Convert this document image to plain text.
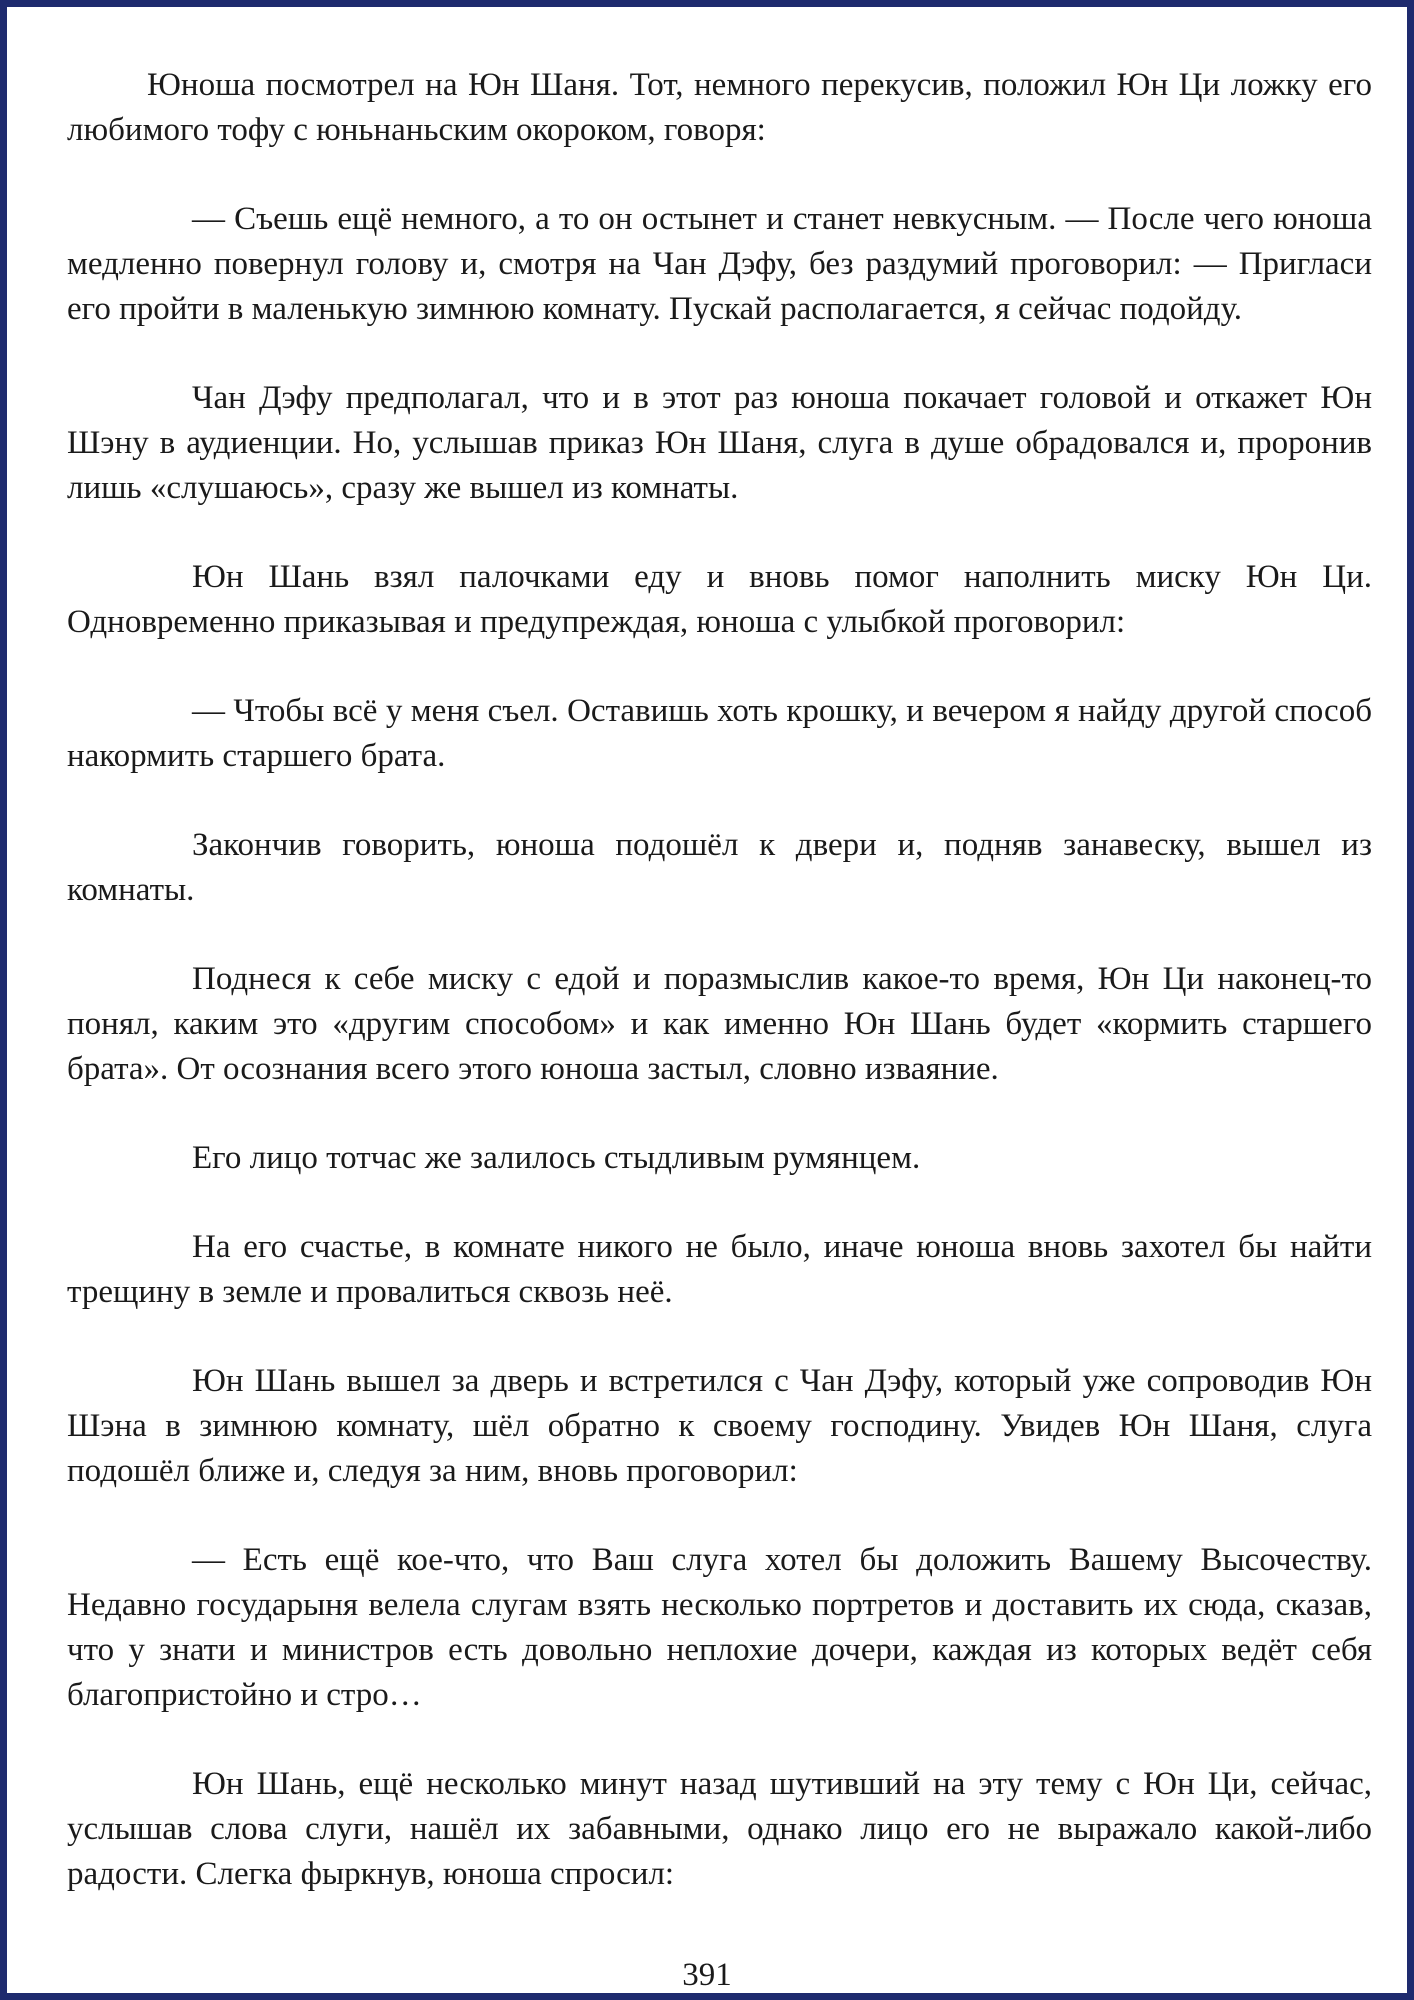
Юноша посмотрел на Юн Шаня. Тот, немного перекусив, положил Юн Ци ложку его любимого тофу с юньнаньским окороком, говоря:

— Съешь ещё немного, а то он остынет и станет невкусным. — После чего юноша медленно повернул голову и, смотря на Чан Дэфу, без раздумий проговорил: — Пригласи его пройти в маленькую зимнюю комнату. Пускай располагается, я сейчас подойду.

Чан Дэфу предполагал, что и в этот раз юноша покачает головой и откажет Юн Шэну в аудиенции. Но, услышав приказ Юн Шаня, слуга в душе обрадовался и, проронив лишь «слушаюсь», сразу же вышел из комнаты.

Юн Шань взял палочками еду и вновь помог наполнить миску Юн Ци. Одновременно приказывая и предупреждая, юноша с улыбкой проговорил:

— Чтобы всё у меня съел. Оставишь хоть крошку, и вечером я найду другой способ накормить старшего брата.

Закончив говорить, юноша подошёл к двери и, подняв занавеску, вышел из комнаты.

Поднеся к себе миску с едой и поразмыслив какое-то время, Юн Ци наконец-то понял, каким это «другим способом» и как именно Юн Шань будет «кормить старшего брата». От осознания всего этого юноша застыл, словно изваяние.

Его лицо тотчас же залилось стыдливым румянцем.

На его счастье, в комнате никого не было, иначе юноша вновь захотел бы найти трещину в земле и провалиться сквозь неё.

Юн Шань вышел за дверь и встретился с Чан Дэфу, который уже сопроводив Юн Шэна в зимнюю комнату, шёл обратно к своему господину. Увидев Юн Шаня, слуга подошёл ближе и, следуя за ним, вновь проговорил:

— Есть ещё кое-что, что Ваш слуга хотел бы доложить Вашему Высочеству. Недавно государыня велела слугам взять несколько портретов и доставить их сюда, сказав, что у знати и министров есть довольно неплохие дочери, каждая из которых ведёт себя благопристойно и стро…

Юн Шань, ещё несколько минут назад шутивший на эту тему с Юн Ци, сейчас, услышав слова слуги, нашёл их забавными, однако лицо его не выражало какой-либо радости. Слегка фыркнув, юноша спросил:

391
